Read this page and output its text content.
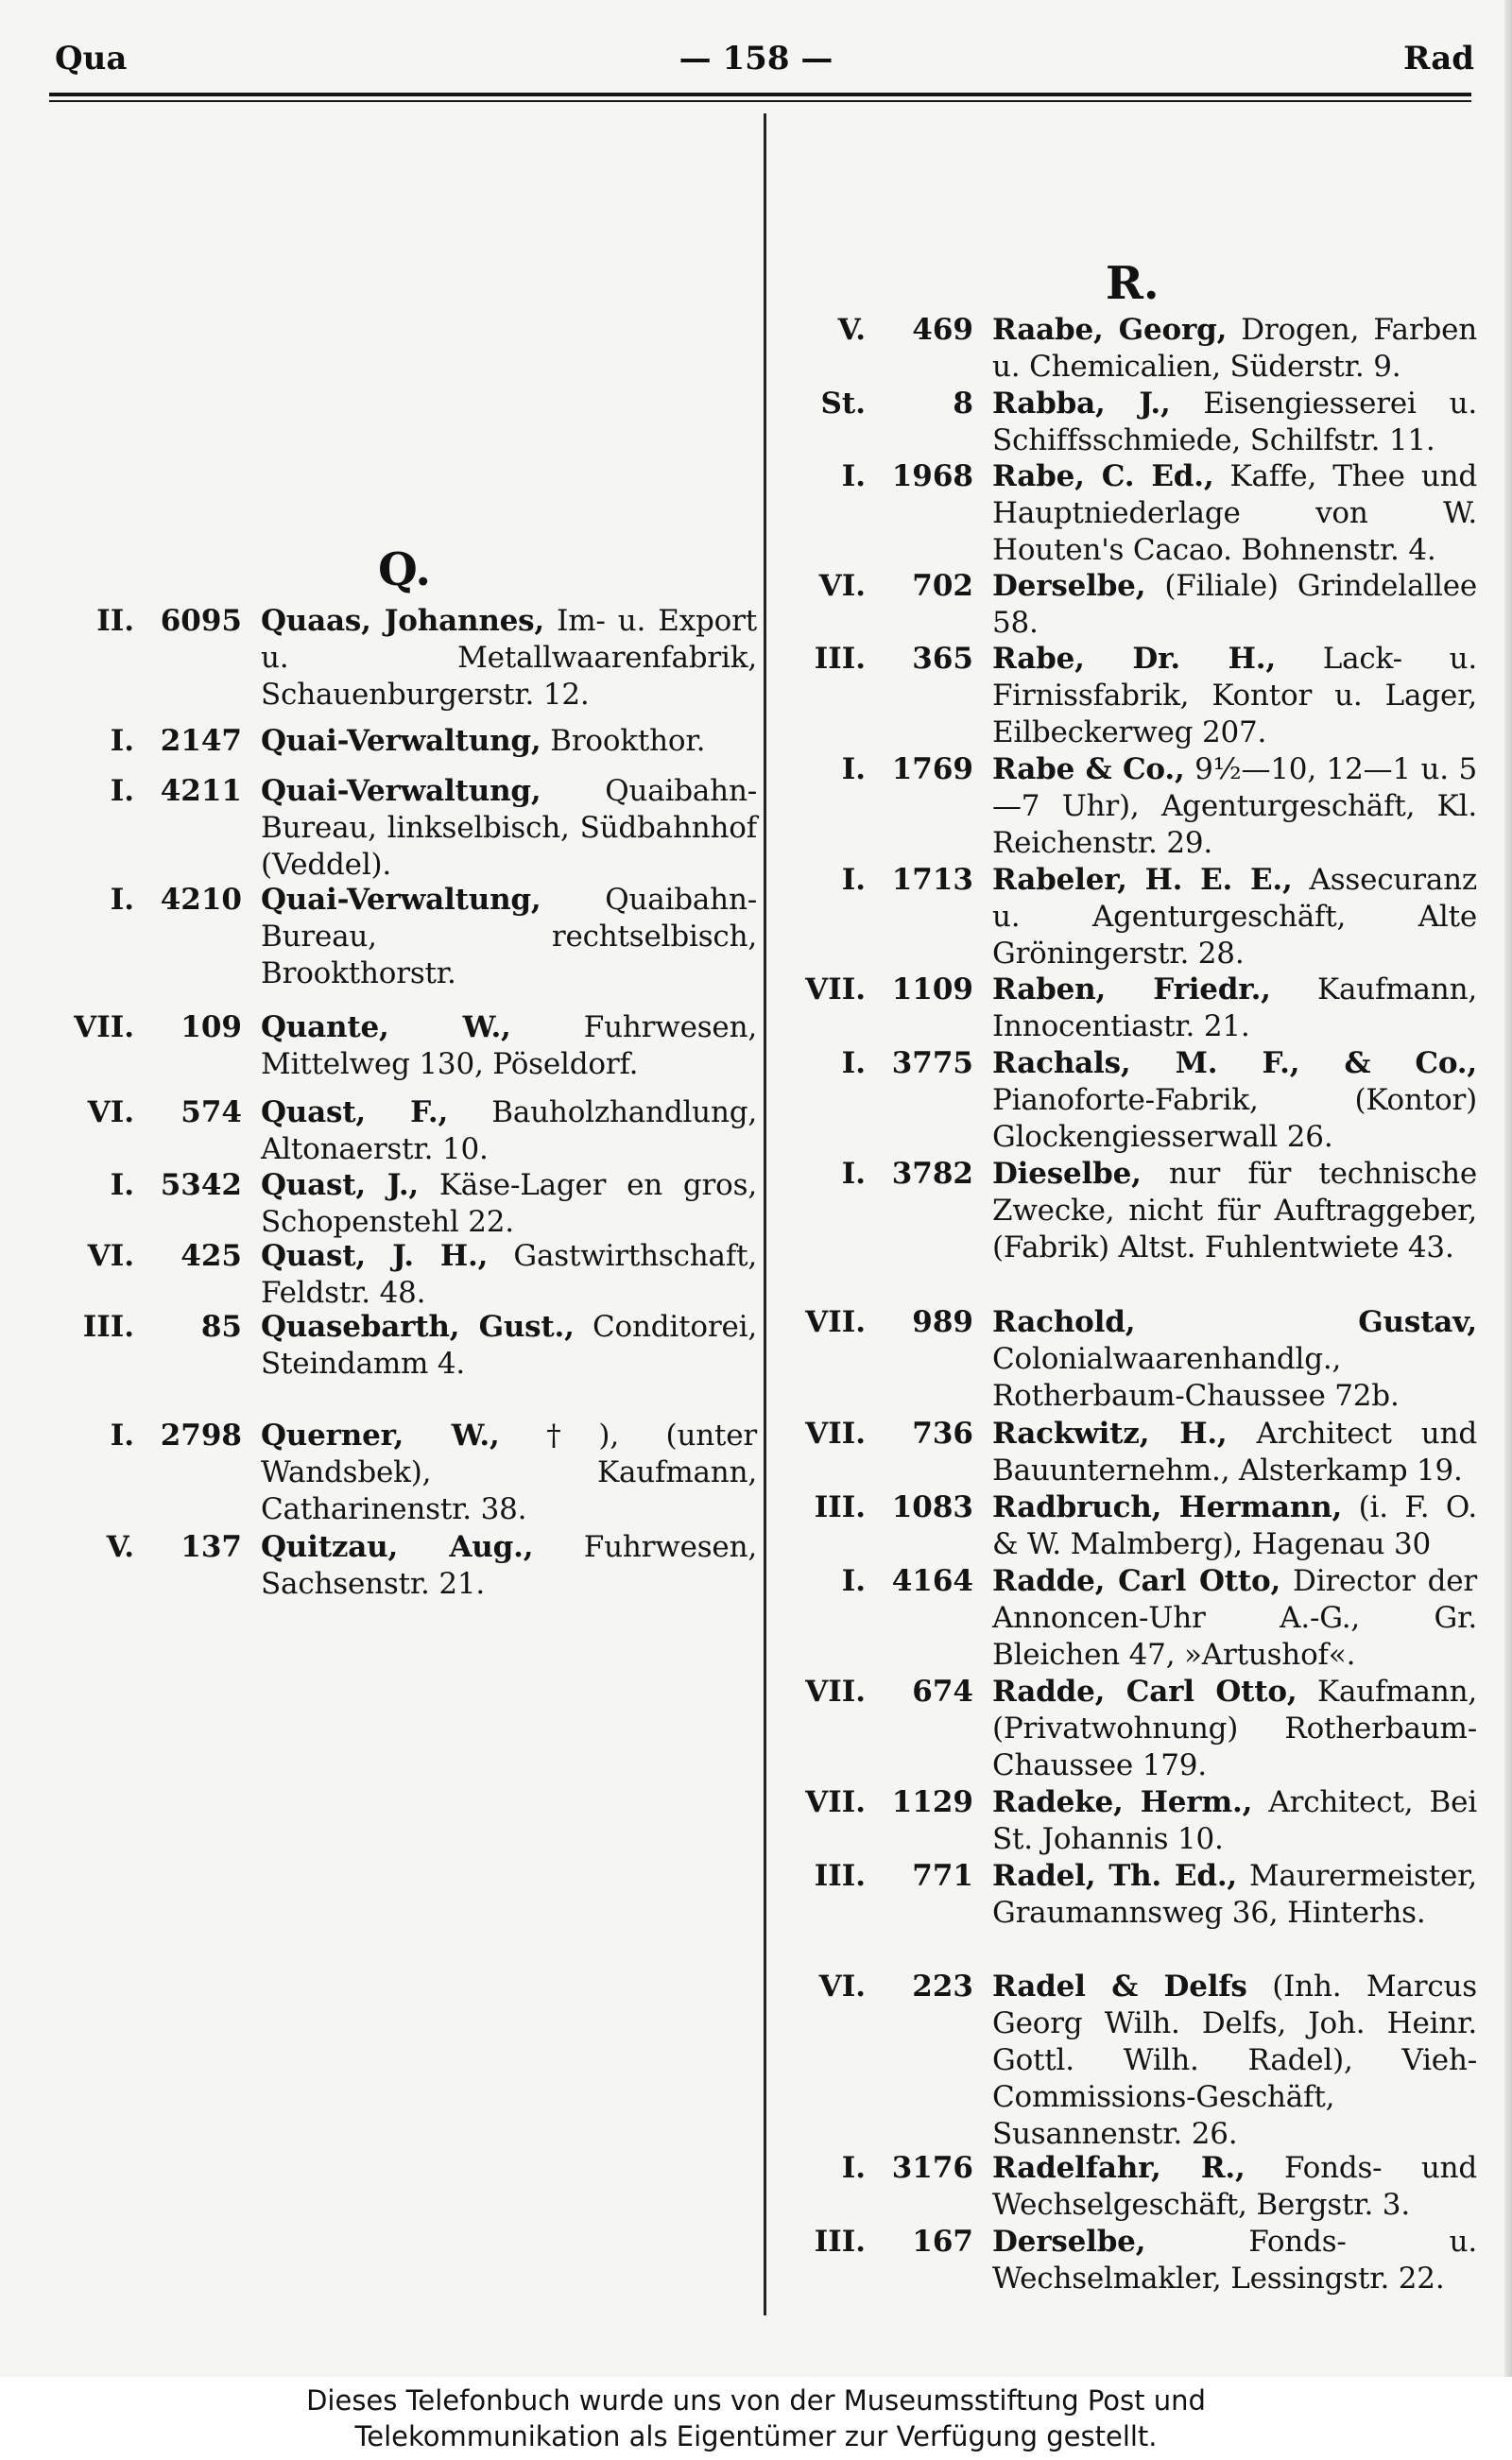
Qua	— 158 —	Rad
Q.
II. 6095 Quaas, Johannes, Im- u. Export u. Metallwaarenfabrik, Schauenburgerstr. 12.
I. 2147 Quai-Verwaltung, Brookthor.
I. 4211 Quai-Verwaltung, Quaibahn-Bureau, linkselbisch, Südbahnhof (Veddel).
I. 4210 Quai-Verwaltung, Quaibahn-Bureau, rechtselbisch, Brookthorstr.
VII.	109 Quante, W., Fuhrwesen, Mittelweg 130, Pöseldorf.
VI.	574 Quast, F., Bauholzhandlung, Altonaerstr. 10.
I. 5342 Quast, J., Käse-Lager en gros, Schopenstehl 22.
VI.	425 Quast, J. H., Gastwirthschaft, Feldstr. 48.
III.	85 Quasebarth, Gust., Conditorei, Steindamm 4.
I. 2798 Querner, W., †), (unter Wandsbek), Kaufmann, Catharinenstr. 38.
V.	137 Quitzau, Aug., Fuhrwesen, Sachsenstr. 21.
R.
V.	469 Raabe, Georg, Drogen, Farben u. Chemicalien, Süderstr. 9.
St.	8 Rabba, J., Eisengiesserei u. Schiffsschmiede, Schilfstr. 11.
I. 1968 Rabe, C. Ed., Kaffe, Thee und Hauptniederlage von W. Houten's Cacao. Bohnenstr. 4.
VI.	702 Derselbe, (Filiale) Grindelallee 58.
III.	365 Rabe, Dr. H., Lack- u. Firnissfabrik, Kontor u. Lager, Eilbeckerweg 207.
I. 1769 Rabe & Co., 9½—10, 12—1 u. 5—7 Uhr), Agenturgeschäft, Kl. Reichenstr. 29.
I. 1713 Rabeler, H. E. E., Assecuranz u. Agenturgeschäft, Alte Gröningerstr. 28.
VII. 1109 Raben, Friedr., Kaufmann, Innocentiastr. 21.
I. 3775 Rachals, M. F., & Co., Pianoforte-Fabrik, (Kontor) Glockengiesserwall 26.
I. 3782 Dieselbe, nur für technische Zwecke, nicht für Auftraggeber, (Fabrik) Altst. Fuhlentwiete 43.
VII.	989 Rachold, Gustav, Colonialwaarenhandlg., Rotherbaum-Chaussee 72b.
VII.	736 Rackwitz, H., Architect und Bauunternehm., Alsterkamp 19.
III. 1083 Radbruch, Hermann, (i. F. O. & W. Malmberg), Hagenau 30
I. 4164 Radde, Carl Otto, Director der Annoncen-Uhr A.-G., Gr. Bleichen 47, »Artushof«.
VII.	674 Radde, Carl Otto, Kaufmann, (Privatwohnung) Rotherbaum-Chaussee 179.
VII. 1129 Radeke, Herm., Architect, Bei St. Johannis 10.
III.	771 Radel, Th. Ed., Maurermeister, Graumannsweg 36, Hinterhs.
VI.	223 Radel & Delfs (Inh. Marcus Georg Wilh. Delfs, Joh. Heinr. Gottl. Wilh. Radel), Vieh-Commissions-Geschäft, Susannenstr. 26.
I. 3176 Radelfahr, R., Fonds- und Wechselgeschäft, Bergstr. 3.
III.	167 Derselbe, Fonds- u. Wechselmakler, Lessingstr. 22.
Dieses Telefonbuch wurde uns von der Museumsstiftung Post und
Telekommunikation als Eigentümer zur Verfügung gestellt.
